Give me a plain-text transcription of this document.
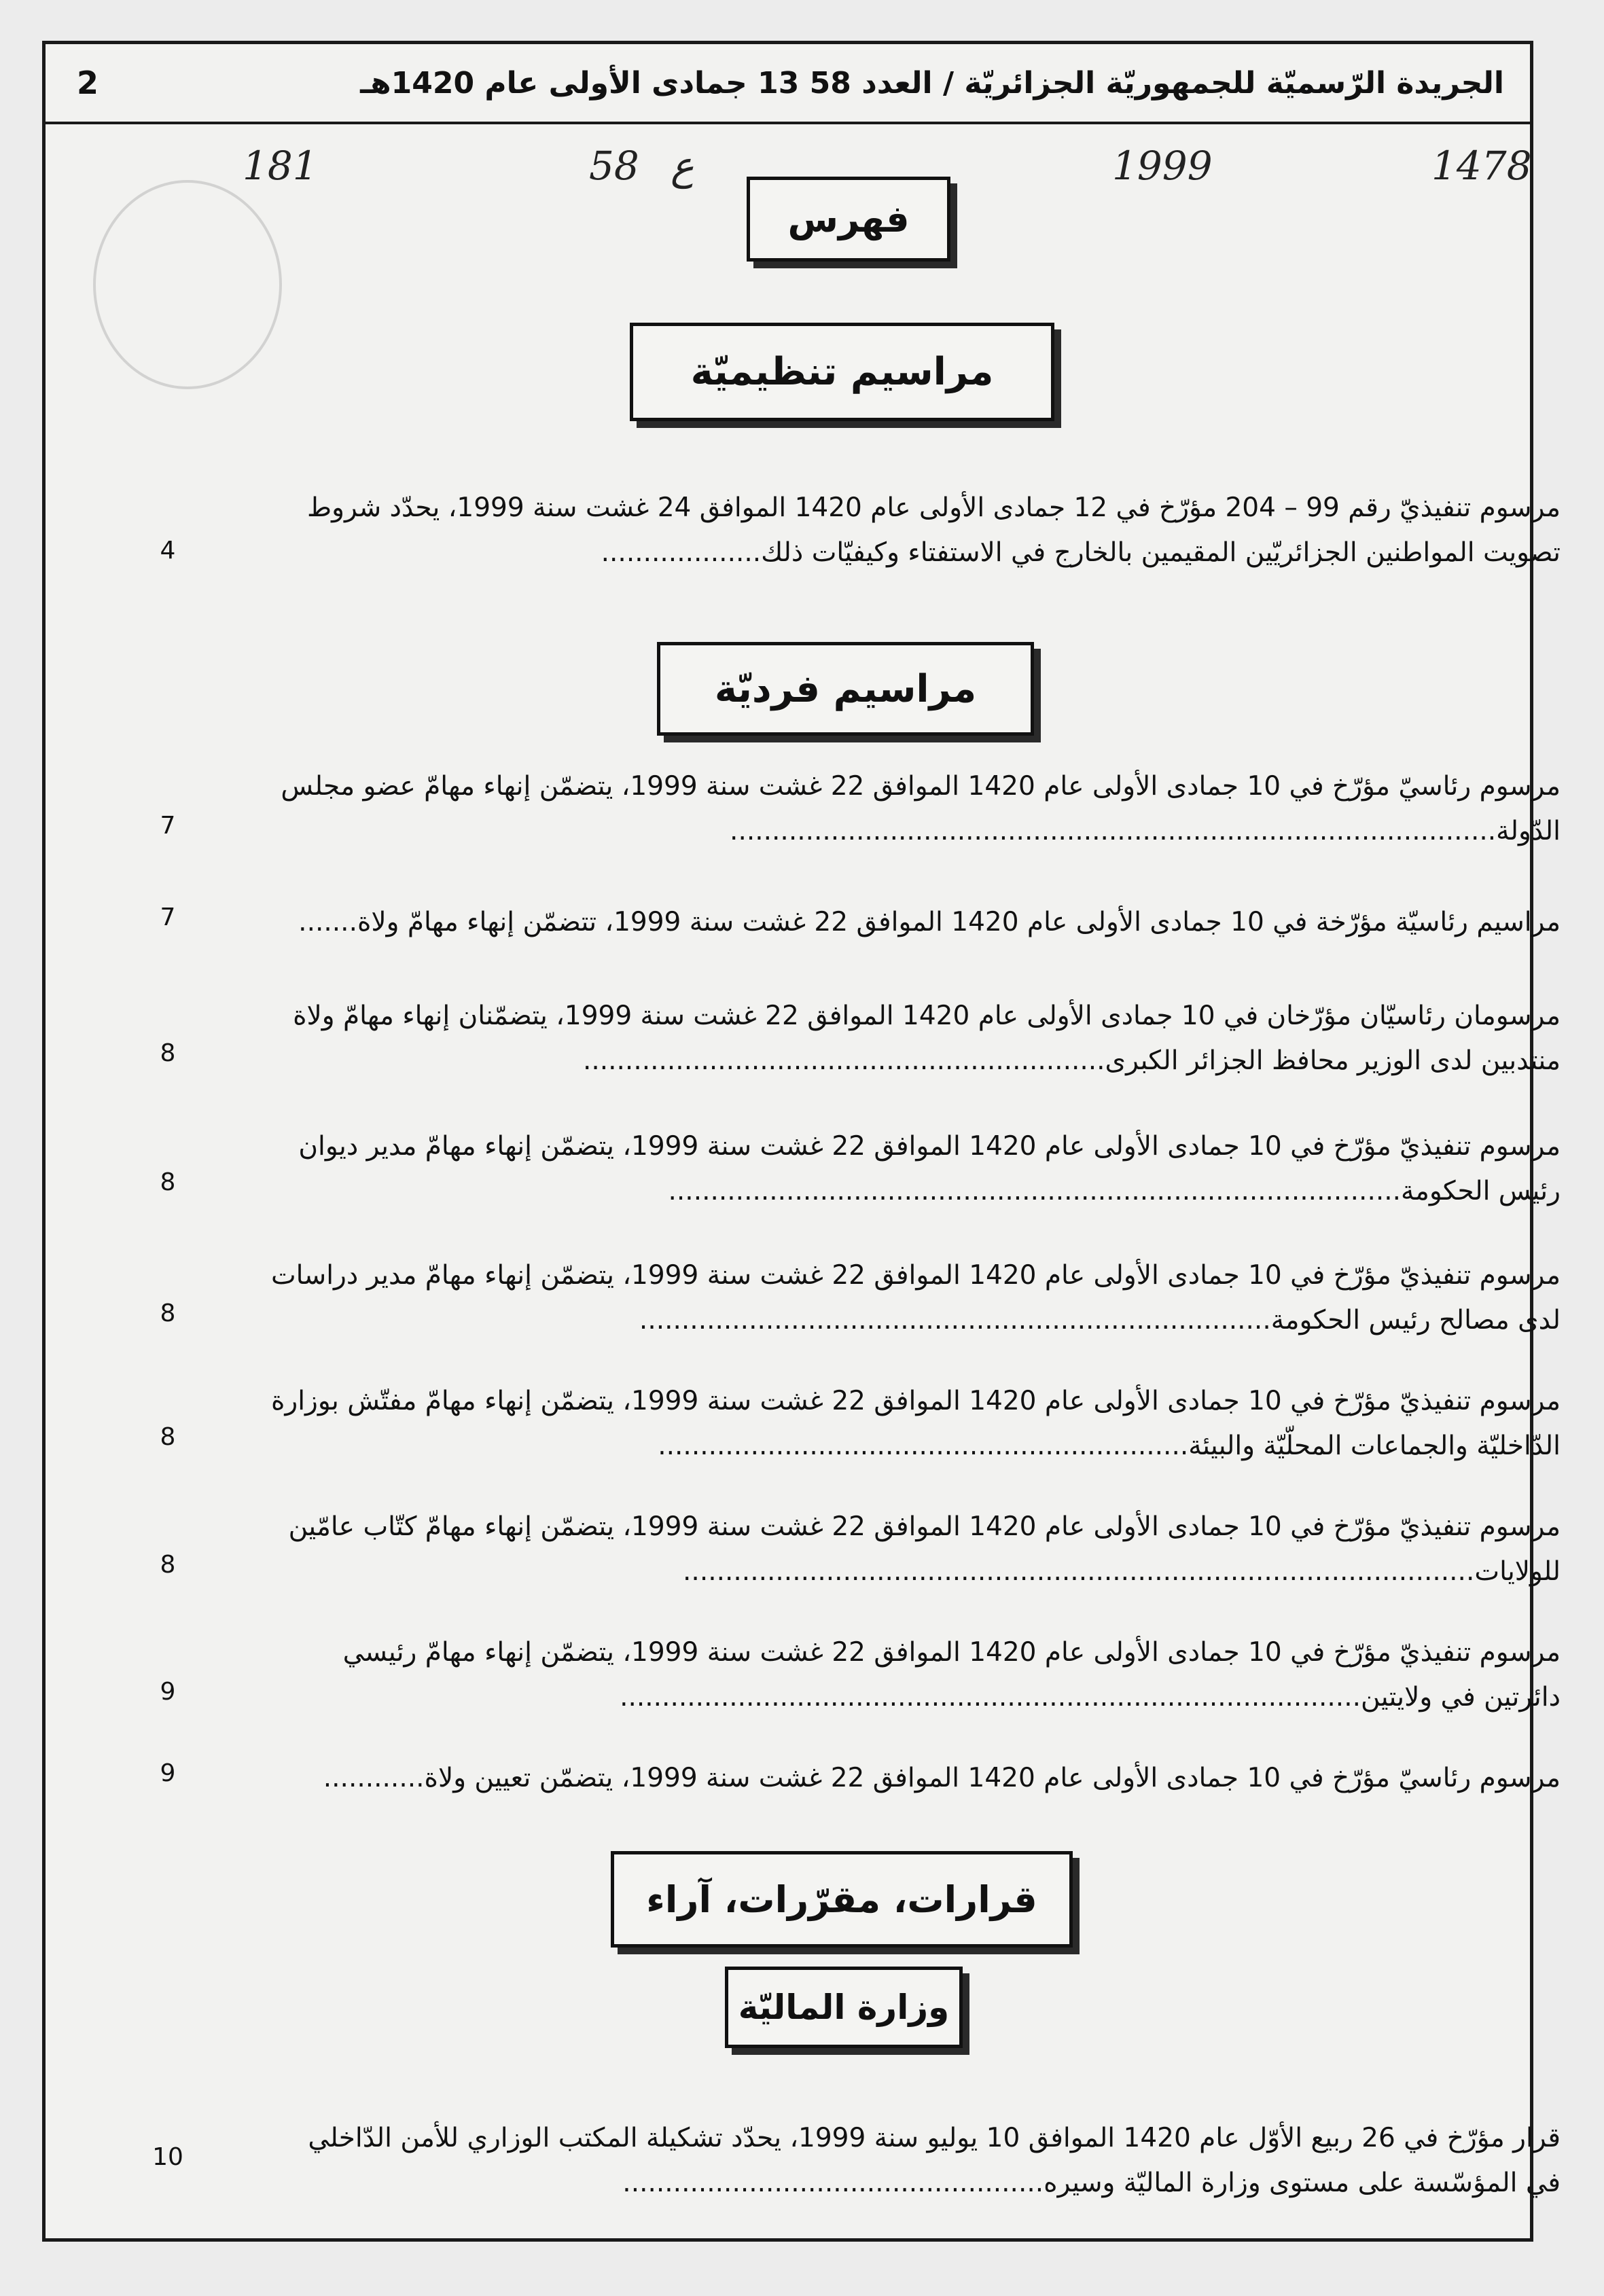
2	الجريدة الرّسميّة للجمهوريّة الجزائريّة / العدد 58 13 جمادى الأولى عام 1420هـ
1478
1999
ع
58
181
فهرس
مراسيم تنظيميّة
مرسوم تنفيذيّ رقم 99 – 204 مؤرّخ في 12 جمادى الأولى عام 1420 الموافق 24 غشت سنة 1999، يحدّد شروط
تصويت المواطنين الجزائريّين المقيمين بالخارج في الاستفتاء وكيفيّات ذلك...................
4
مراسيم فرديّة
مرسوم رئاسيّ مؤرّخ في 10 جمادى الأولى عام 1420 الموافق 22 غشت سنة 1999، يتضمّن إنهاء مهامّ عضو مجلس
الدّولة...........................................................................................
7
مراسيم رئاسيّة مؤرّخة في 10 جمادى الأولى عام 1420 الموافق 22 غشت سنة 1999، تتضمّن إنهاء مهامّ ولاة.......
7
مرسومان رئاسيّان مؤرّخان في 10 جمادى الأولى عام 1420 الموافق 22 غشت سنة 1999، يتضمّنان إنهاء مهامّ ولاة
منتدبين لدى الوزير محافظ الجزائر الكبرى..............................................................
8
مرسوم تنفيذيّ مؤرّخ في 10 جمادى الأولى عام 1420 الموافق 22 غشت سنة 1999، يتضمّن إنهاء مهامّ مدير ديوان
رئيس الحكومة.......................................................................................
8
مرسوم تنفيذيّ مؤرّخ في 10 جمادى الأولى عام 1420 الموافق 22 غشت سنة 1999، يتضمّن إنهاء مهامّ مدير دراسات
لدى مصالح رئيس الحكومة...........................................................................
8
مرسوم تنفيذيّ مؤرّخ في 10 جمادى الأولى عام 1420 الموافق 22 غشت سنة 1999، يتضمّن إنهاء مهامّ مفتّش بوزارة
الدّاخليّة والجماعات المحلّيّة والبيئة...............................................................
8
مرسوم تنفيذيّ مؤرّخ في 10 جمادى الأولى عام 1420 الموافق 22 غشت سنة 1999، يتضمّن إنهاء مهامّ كتّاب عامّين
للولايات..............................................................................................
8
مرسوم تنفيذيّ مؤرّخ في 10 جمادى الأولى عام 1420 الموافق 22 غشت سنة 1999، يتضمّن إنهاء مهامّ رئيسي
دائرتين في ولايتين........................................................................................
9
مرسوم رئاسيّ مؤرّخ في 10 جمادى الأولى عام 1420 الموافق 22 غشت سنة 1999، يتضمّن تعيين ولاة............
9
قرارات، مقرّرات، آراء
وزارة الماليّة
قرار مؤرّخ في 26 ربيع الأوّل عام 1420 الموافق 10 يوليو سنة 1999، يحدّد تشكيلة المكتب الوزاري للأمن الدّاخلي
في المؤسّسة على مستوى وزارة الماليّة وسيره..................................................
10
